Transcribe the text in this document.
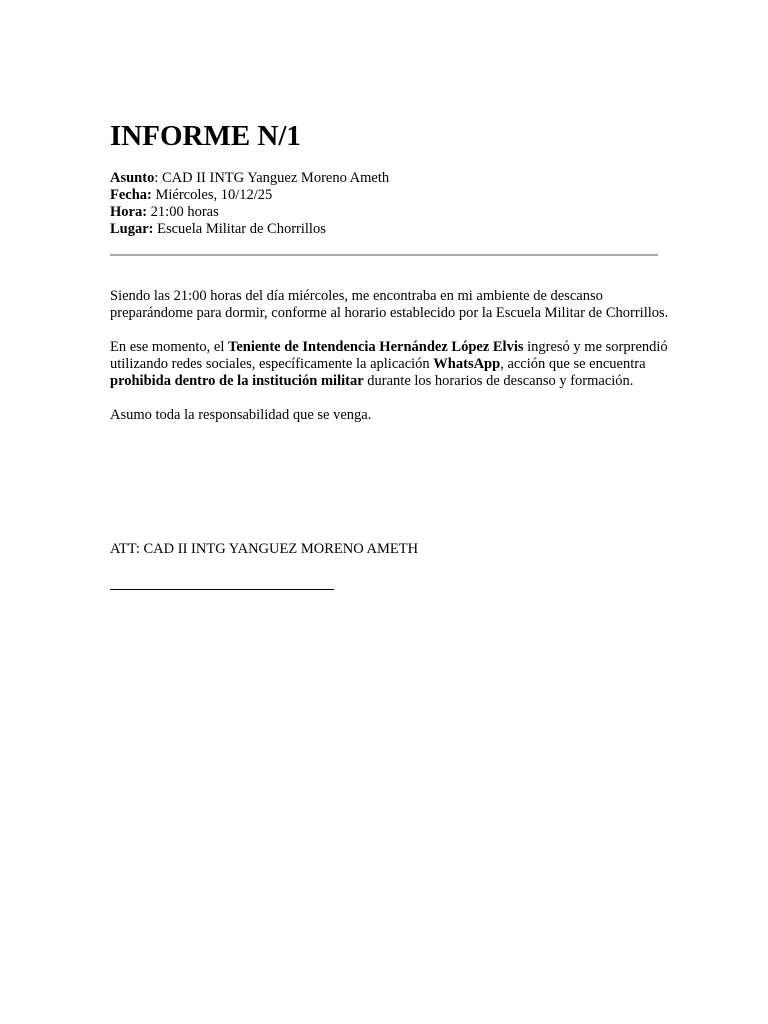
INFORME N/1
Asunto: CAD II INTG Yanguez Moreno Ameth
Fecha: Miércoles, 10/12/25
Hora: 21:00 horas
Lugar: Escuela Militar de Chorrillos

Siendo las 21:00 horas del día miércoles, me encontraba en mi ambiente de descanso preparándome para dormir, conforme al horario establecido por la Escuela Militar de Chorrillos.

En ese momento, el Teniente de Intendencia Hernández López Elvis ingresó y me sorprendió utilizando redes sociales, específicamente la aplicación WhatsApp, acción que se encuentra prohibida dentro de la institución militar durante los horarios de descanso y formación.

Asumo toda la responsabilidad que se venga.

ATT: CAD II INTG YANGUEZ MORENO AMETH
